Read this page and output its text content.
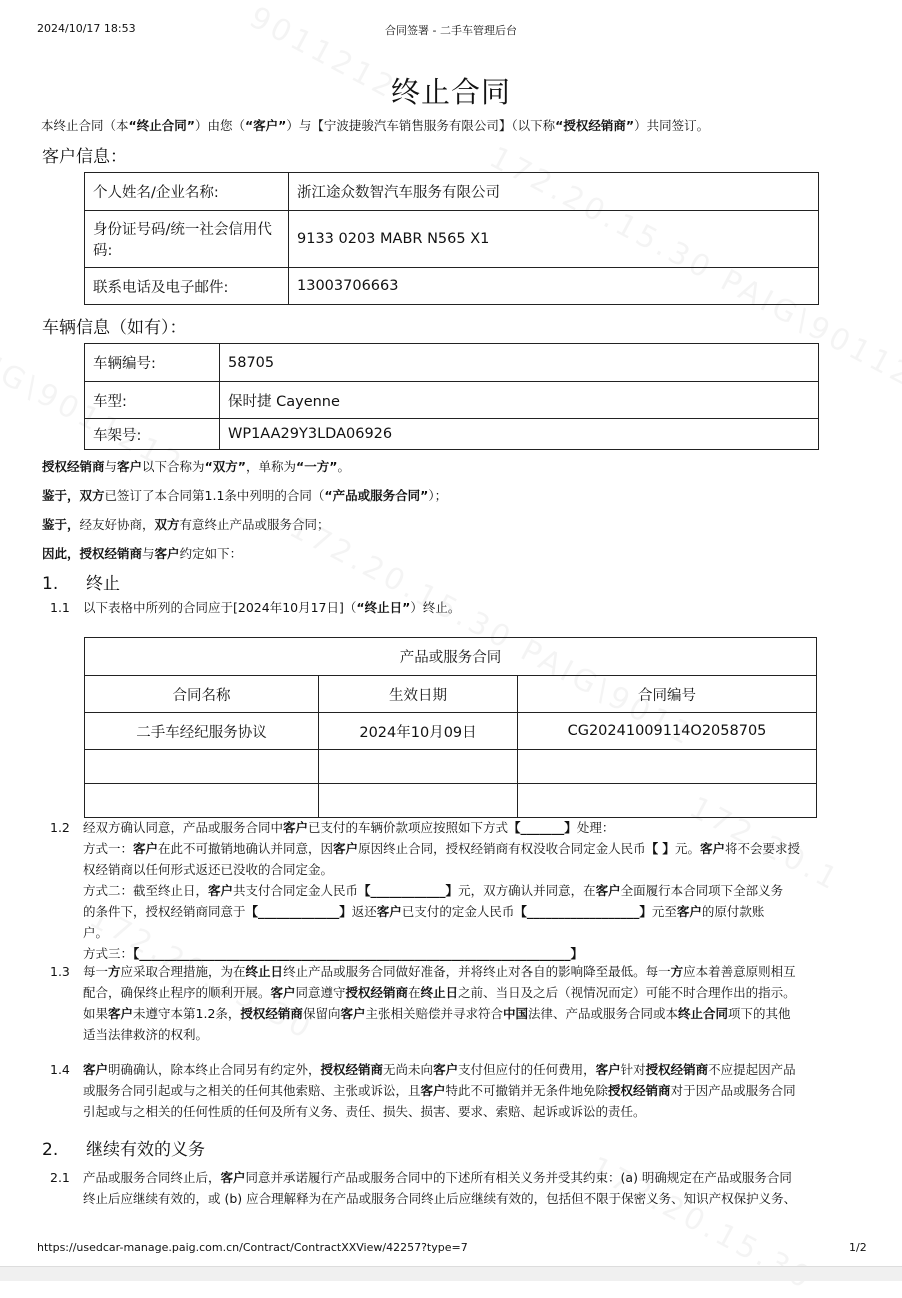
2024/10/17 18:53	合同签署 - 二手车管理后台
终止合同
本终止合同（本“终止合同”）由您（“客户”）与【宁波捷骏汽车销售服务有限公司】（以下称“授权经销商”）共同签订。
客户信息：
个人姓名/企业名称:	浙江途众数智汽车服务有限公司
身份证号码/统一社会信用代码:	9133 0203 MABR N565 X1
联系电话及电子邮件:	13003706663
车辆信息（如有）：
车辆编号:	58705
车型:	保时捷 Cayenne
车架号:	WP1AA29Y3LDA06926
授权经销商与客户以下合称为“双方”，单称为“一方”。
鉴于，双方已签订了本合同第1.1条中列明的合同（“产品或服务合同”）；
鉴于，经友好协商，双方有意终止产品或服务合同；
因此，授权经销商与客户约定如下：
1. 终止
1.1 以下表格中所列的合同应于[2024年10月17日]（“终止日”）终止。

产品或服务合同		
合同名称	生效日期	合同编号
二手车经纪服务协议	2024年10月09日	CG20241009114O2058705

1.2 经双方确认同意，产品或服务合同中客户已支付的车辆价款项应按照如下方式【_______】处理：

方式一：客户在此不可撤销地确认并同意，因客户原因终止合同，授权经销商有权没收合同定金人民币【 】元。客户将不会要求授

权经销商以任何形式返还已没收的合同定金。

方式二：截至终止日，客户共支付合同定金人民币【____________】元，双方确认并同意，在客户全面履行本合同项下全部义务

的条件下，授权经销商同意于【_____________】返还客户已支付的定金人民币【__________________】元至客户的原付款账

户。

方式三：【_____________________________________________________________________】

1.3 每一方应采取合理措施，为在终止日终止产品或服务合同做好准备，并将终止对各自的影响降至最低。每一方应本着善意原则相互

配合，确保终止程序的顺利开展。客户同意遵守授权经销商在终止日之前、当日及之后（视情况而定）可能不时合理作出的指示。

如果客户未遵守本第1.2条，授权经销商保留向客户主张相关赔偿并寻求符合中国法律、产品或服务合同或本终止合同项下的其他

适当法律救济的权利。

1.4 客户明确确认，除本终止合同另有约定外，授权经销商无尚未向客户支付但应付的任何费用，客户针对授权经销商不应提起因产品

或服务合同引起或与之相关的任何其他索赔、主张或诉讼，且客户特此不可撤销并无条件地免除授权经销商对于因产品或服务合同

引起或与之相关的任何性质的任何及所有义务、责任、损失、损害、要求、索赔、起诉或诉讼的责任。

2. 继续有效的义务
2.1 产品或服务合同终止后，客户同意并承诺履行产品或服务合同中的下述所有相关义务并受其约束：(a) 明确规定在产品或服务合同

终止后应继续有效的，或 (b) 应合理解释为在产品或服务合同终止后应继续有效的，包括但不限于保密义务、知识产权保护义务、

https://usedcar-manage.paig.com.cn/Contract/ContractXXView/42257?type=7	1/2
